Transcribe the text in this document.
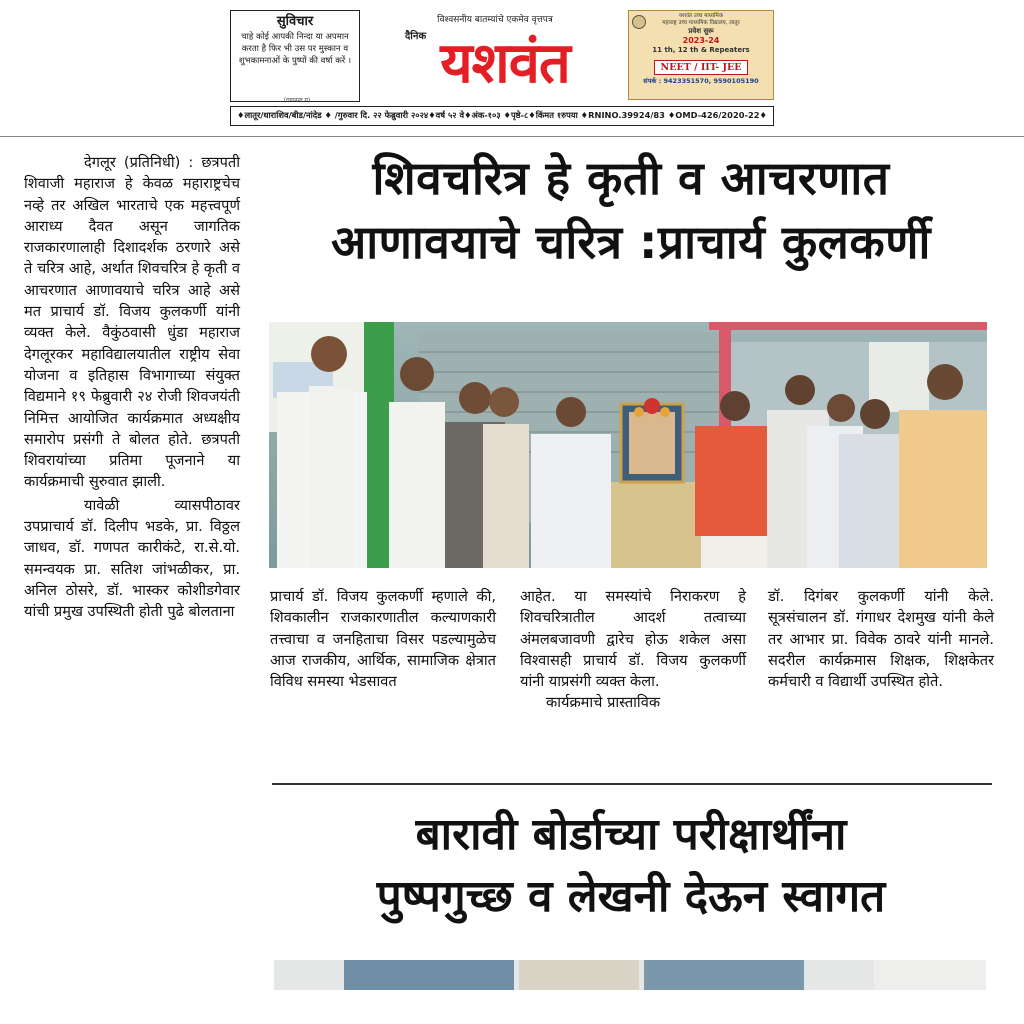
सुविचार
चाहे कोई आपकी निन्दा या अपमान करता है फिर भी उस पर मुस्कान व शुभकामनाओं के पुष्पों की वर्षा करें ।
(दयानन्द ग)
विश्वसनीय बातम्यांचे एकमेव वृत्तपत्र
यशवंत
दैनिक
यशवंत उच्च माध्यमिक
महाराष्ट्र उच्च माध्यमिक विद्यालय, लातूर
प्रवेश सुरू
2023-24
11 th, 12 th & Repeaters
NEET / IIT- JEE
संपर्क : 9423351570, 9590105190
♦लातूर/धाराशिव/बीड/नांदेड ♦ /गुरुवार दि. २२ फेब्रुवारी २०२४♦वर्ष ५२ वे♦अंक-१०३ ♦पृष्ठे-८♦किंमत १रुपया ♦RNINO.39924/83 ♦OMD-426/2020-22♦

देगलूर (प्रतिनिधी) : छत्रपती शिवाजी महाराज हे केवळ महाराष्ट्रचेच नव्हे तर अखिल भारताचे एक महत्त्वपूर्ण आराध्य दैवत असून जागतिक राजकारणालाही दिशादर्शक ठरणारे असे ते चरित्र आहे, अर्थात शिवचरित्र हे कृती व आचरणात आणावयाचे चरित्र आहे असे मत प्राचार्य डॉ. विजय कुलकर्णी यांनी व्यक्त केले. वैकुंठवासी धुंडा महाराज देगलूरकर महाविद्यालयातील राष्ट्रीय सेवा योजना व इतिहास विभागाच्या संयुक्त विद्यमाने १९ फेब्रुवारी २४ रोजी शिवजयंती निमित्त आयोजित कार्यक्रमात अध्यक्षीय समारोप प्रसंगी ते बोलत होते. छत्रपती शिवरायांच्या प्रतिमा पूजनाने या कार्यक्रमाची सुरुवात झाली.

यावेळी व्यासपीठावर उपप्राचार्य डॉ. दिलीप भडके, प्रा. विठ्ठल जाधव, डॉ. गणपत कारीकंटे, रा.से.यो. समन्वयक प्रा. सतिश जांभळीकर, प्रा. अनिल ठोसरे, डॉ. भास्कर कोशीडगेवार यांची प्रमुख उपस्थिती होती पुढे बोलताना

शिवचरित्र हे कृती व आचरणात
आणावयाचे चरित्र :प्राचार्य कुलकर्णी
प्राचार्य डॉ. विजय कुलकर्णी म्हणाले की, शिवकालीन राजकारणातील कल्याणकारी तत्त्वाचा व जनहिताचा विसर पडल्यामुळेच आज राजकीय, आर्थिक, सामाजिक क्षेत्रात विविध समस्या भेडसावत
आहेत. या समस्यांचे निराकरण हे शिवचरित्रातील आदर्श तत्वाच्या अंमलबजावणी द्वारेच होऊ शकेल असा विश्वासही प्राचार्य डॉ. विजय कुलकर्णी यांनी याप्रसंगी व्यक्त केला.
कार्यक्रमाचे प्रास्ताविक
डॉ. दिगंबर कुलकर्णी यांनी केले. सूत्रसंचालन डॉ. गंगाधर देशमुख यांनी केले तर आभार प्रा. विवेक ठावरे यांनी मानले. सदरील कार्यक्रमास शिक्षक, शिक्षकेतर कर्मचारी व विद्यार्थी उपस्थित होते.
बारावी बोर्डाच्या परीक्षार्थींना
पुष्पगुच्छ व लेखनी देऊन स्वागत
